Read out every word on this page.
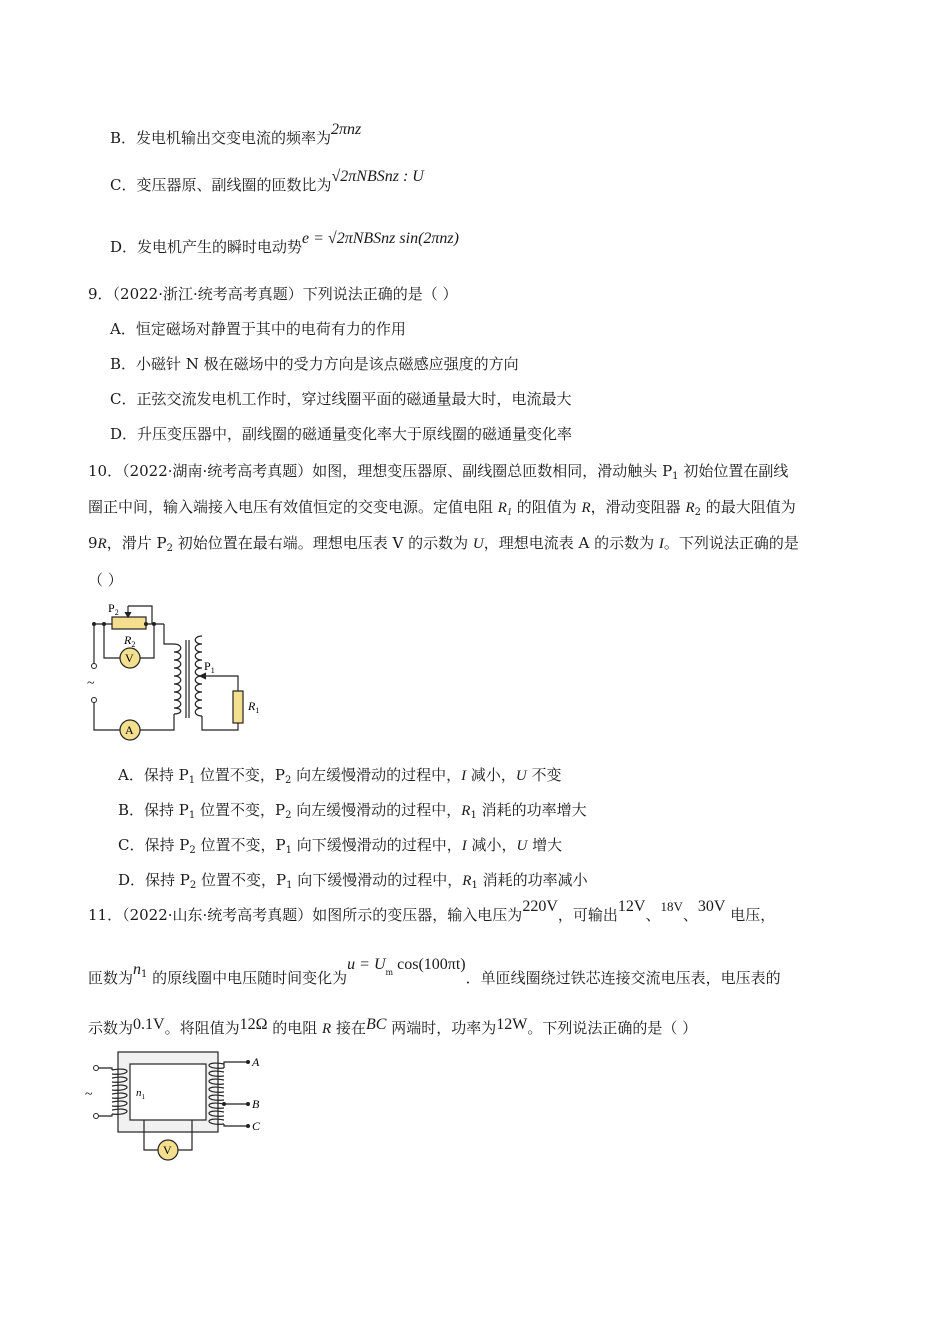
B．发电机输出交变电流的频率为2πnz
C．变压器原、副线圈的匝数比为√2πNBSnz : U
D．发电机产生的瞬时电动势e = √2πNBSnz sin(2πnz)
9．（2022·浙江·统考高考真题）下列说法正确的是（ ）
A．恒定磁场对静置于其中的电荷有力的作用
B．小磁针 N 极在磁场中的受力方向是该点磁感应强度的方向
C．正弦交流发电机工作时，穿过线圈平面的磁通量最大时，电流最大
D．升压变压器中，副线圈的磁通量变化率大于原线圈的磁通量变化率
10．（2022·湖南·统考高考真题）如图，理想变压器原、副线圈总匝数相同，滑动触头 $P_1$ 初始位置在副线
圈正中间，输入端接入电压有效值恒定的交变电源。定值电阻 $R_1$ 的阻值为 R，滑动变阻器 $R_2$ 的最大阻值为
9R，滑片 $P_2$ 初始位置在最右端。理想电压表 V 的示数为 U，理想电流表 A 的示数为 I。下列说法正确的是
（ ）
$P_2$
$R_2$
V
~
$P_1$
$R_1$
A
A．保持 $P_1$ 位置不变，$P_2$ 向左缓慢滑动的过程中，I 减小，U 不变
B．保持 $P_1$ 位置不变，$P_2$ 向左缓慢滑动的过程中，$R_1$ 消耗的功率增大
C．保持 $P_2$ 位置不变，$P_1$ 向下缓慢滑动的过程中，I 减小，U 增大
D．保持 $P_2$ 位置不变，$P_1$ 向下缓慢滑动的过程中，$R_1$ 消耗的功率减小
11．（2022·山东·统考高考真题）如图所示的变压器，输入电压为220V，可输出12V、18V、30V 电压，
匝数为$n^1$ 的原线圈中电压随时间变化为$u = U^m$ cos(100πt)．单匝线圈绕过铁芯连接交流电压表，电压表的
示数为0.1V。将阻值为12Ω 的电阻 R 接在BC 两端时，功率为12W。下列说法正确的是（ ）
~	$n_1$
A
B
C
V
